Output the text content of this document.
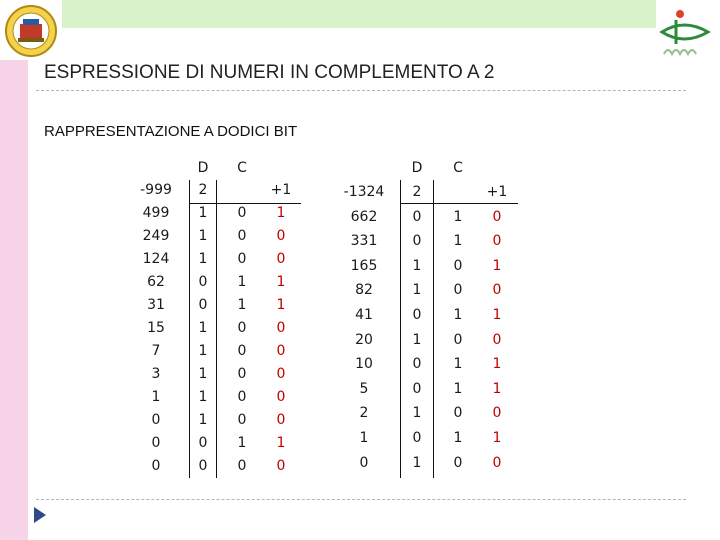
ESPRESSIONE DI NUMERI IN COMPLEMENTO A 2
RAPPRESENTAZIONE A DODICI BIT
D C
+1
-999
499
249
124
62
31
15
7
3
1
0
0
0
2
1
1
1
0
0
1
1
1
1
1
0
0
0
0
0
1
1
0
0
0
0
0
1
0
1
0
0
1
1
0
0
0
0
0
1
0
D C
+1
-1324
662
331
165
82
41
20
10
5
2
1
0
2
0
0
1
1
0
1
0
0
1
0
1
1
1
0
0
1
0
1
1
0
1
0
0
0
1
0
1
0
1
1
0
1
0
